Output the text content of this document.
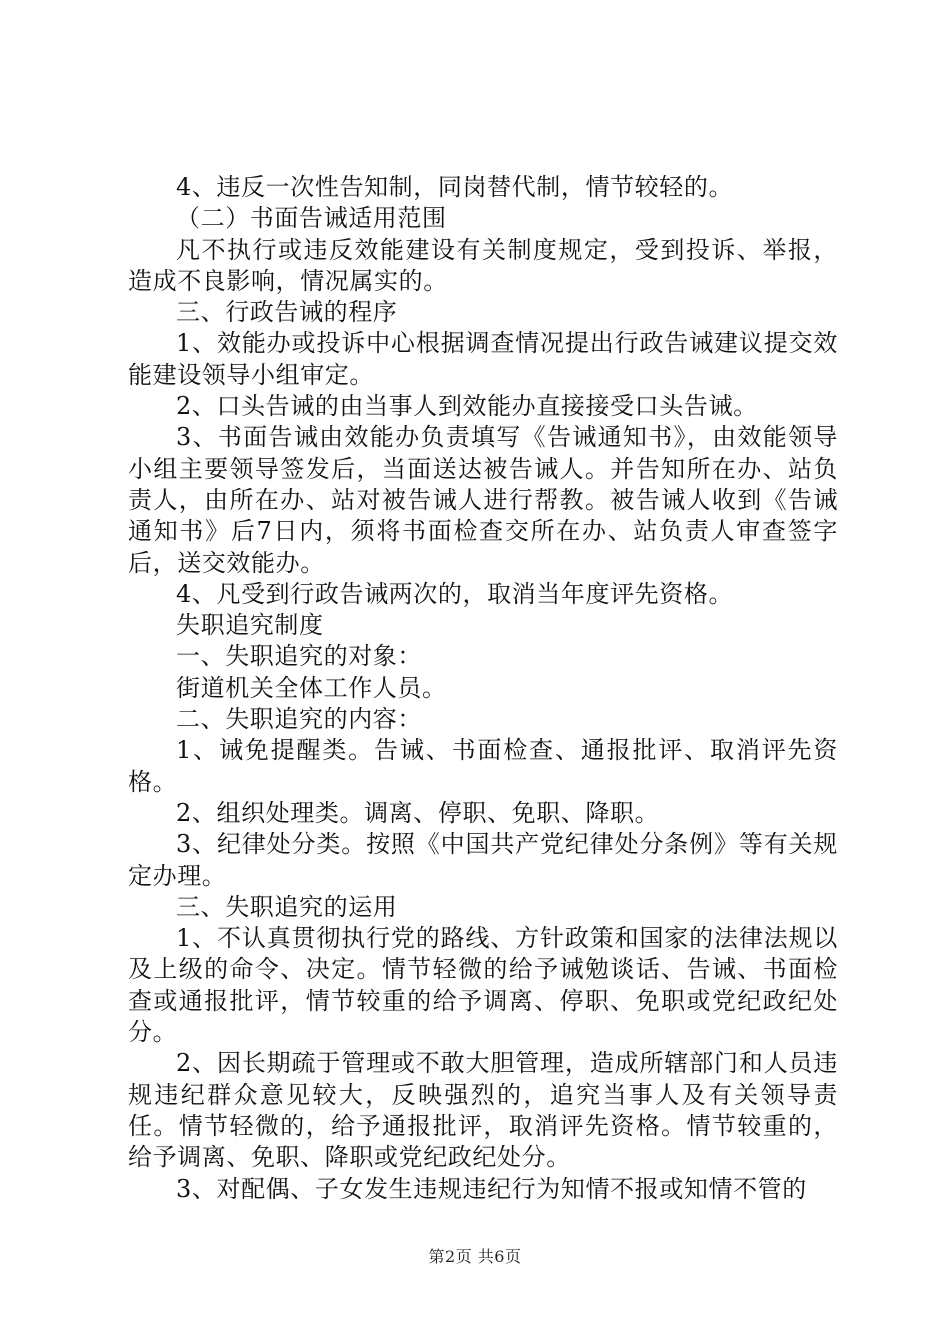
4、违反一次性告知制，同岗替代制，情节较轻的。

（二）书面告诫适用范围

凡不执行或违反效能建设有关制度规定，受到投诉、举报，造成不良影响，情况属实的。

三、行政告诫的程序

1、效能办或投诉中心根据调查情况提出行政告诫建议提交效能建设领导小组审定。

2、口头告诫的由当事人到效能办直接接受口头告诫。

3、书面告诫由效能办负责填写《告诫通知书》，由效能领导小组主要领导签发后，当面送达被告诫人。并告知所在办、站负责人，由所在办、站对被告诫人进行帮教。被告诫人收到《告诫通知书》后7日内，须将书面检查交所在办、站负责人审查签字后，送交效能办。

4、凡受到行政告诫两次的，取消当年度评先资格。

失职追究制度

一、失职追究的对象：

街道机关全体工作人员。

二、失职追究的内容：

1、诫免提醒类。告诫、书面检查、通报批评、取消评先资格。

2、组织处理类。调离、停职、免职、降职。

3、纪律处分类。按照《中国共产党纪律处分条例》等有关规定办理。

三、失职追究的运用

1、不认真贯彻执行党的路线、方针政策和国家的法律法规以及上级的命令、决定。情节轻微的给予诫勉谈话、告诫、书面检查或通报批评，情节较重的给予调离、停职、免职或党纪政纪处分。

2、因长期疏于管理或不敢大胆管理，造成所辖部门和人员违规违纪群众意见较大，反映强烈的，追究当事人及有关领导责任。情节轻微的，给予通报批评，取消评先资格。情节较重的，给予调离、免职、降职或党纪政纪处分。

3、对配偶、子女发生违规违纪行为知情不报或知情不管的

第2页 共6页
